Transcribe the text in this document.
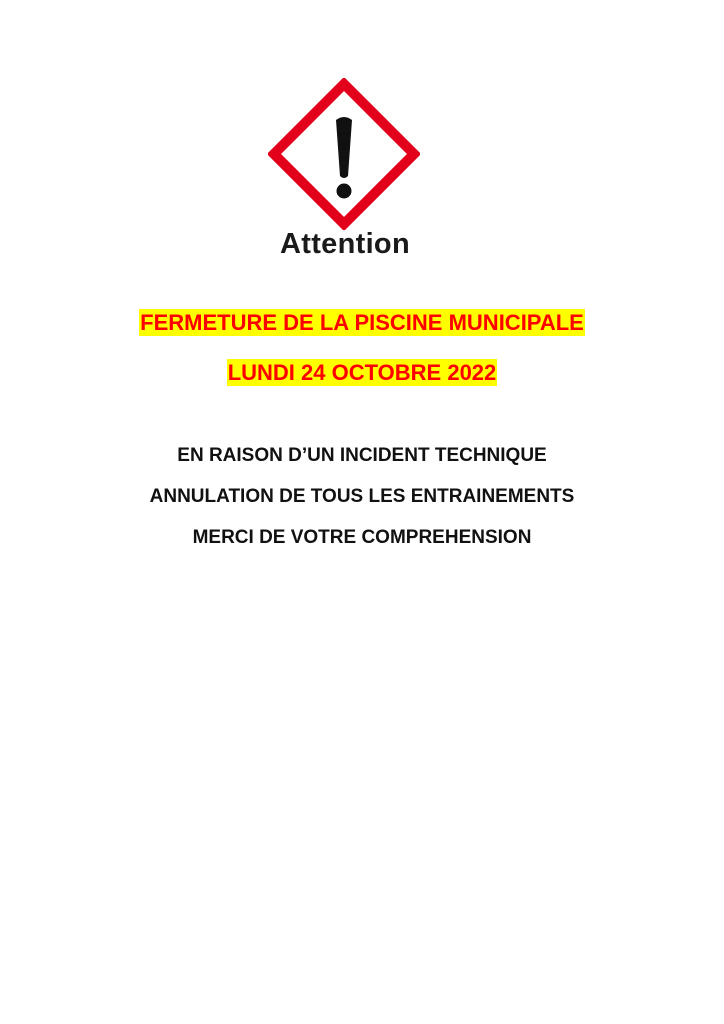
Attention
FERMETURE DE LA PISCINE MUNICIPALE
LUNDI 24 OCTOBRE 2022
EN RAISON D’UN INCIDENT TECHNIQUE
ANNULATION DE TOUS LES ENTRAINEMENTS
MERCI DE VOTRE COMPREHENSION
